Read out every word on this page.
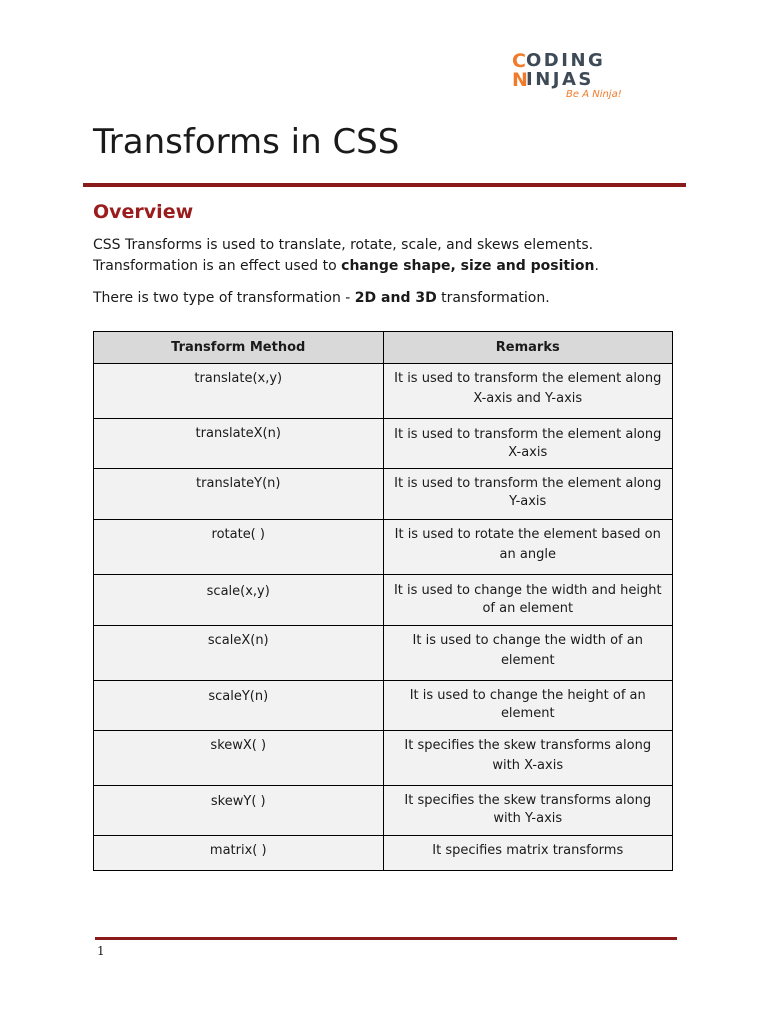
C ODING
N
INJAS
Be A Ninja!
Transforms in CSS
Overview

CSS Transforms is used to translate, rotate, scale, and skews elements. Transformation is an effect used to change shape, size and position.

There is two type of transformation - 2D and 3D transformation.

Transform Method	Remarks
translate(x,y)	It is used to transform the element along X-axis and Y-axis
translateX(n)	It is used to transform the element along X-axis
translateY(n)	It is used to transform the element along Y-axis
rotate( )	It is used to rotate the element based on an angle
scale(x,y)	It is used to change the width and height of an element
scaleX(n)	It is used to change the width of an element
scaleY(n)	It is used to change the height of an element
skewX( )	It specifies the skew transforms along with X-axis
skewY( )	It specifies the skew transforms along with Y-axis
matrix( )	It specifies matrix transforms
1
